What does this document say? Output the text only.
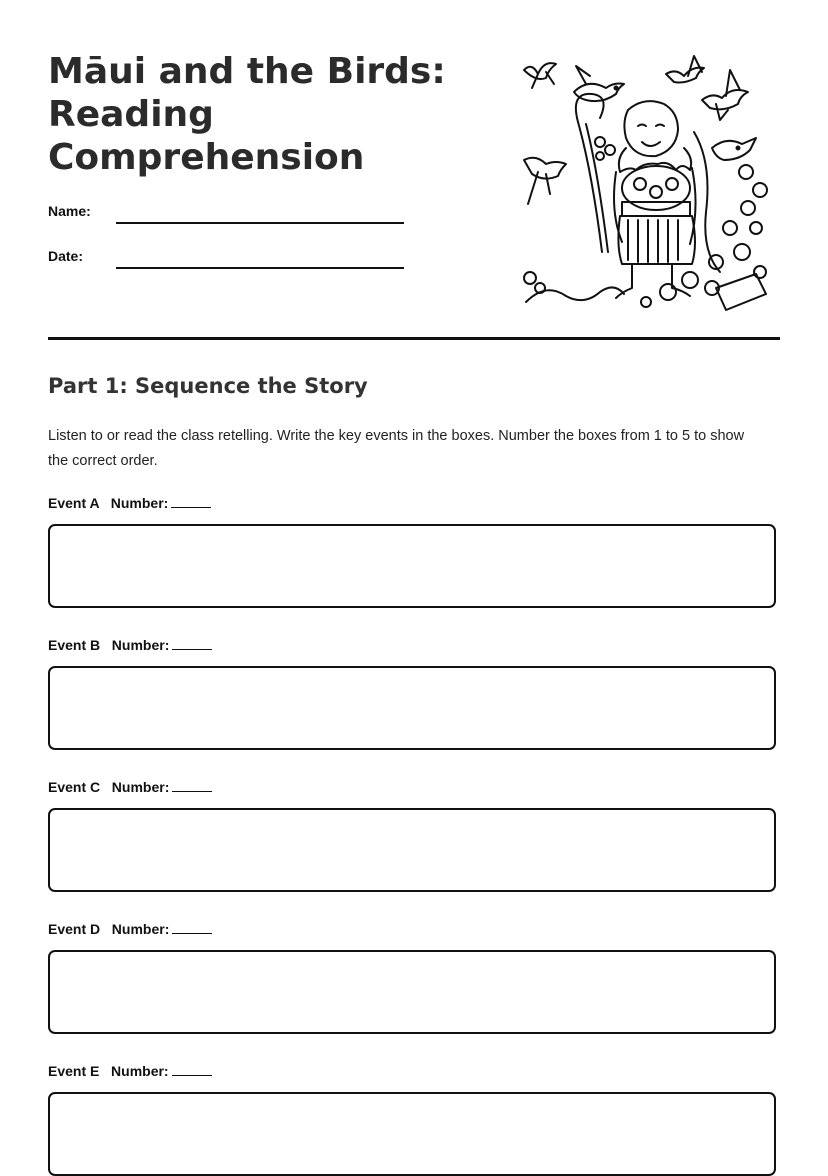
Māui and the Birds:
Reading
Comprehension
Name:
Date:
Part 1: Sequence the Story

Listen to or read the class retelling. Write the key events in the boxes. Number the boxes from 1 to 5 to show the correct order.

Event A Number:
Event B Number:
Event C Number:
Event D Number:
Event E Number:
